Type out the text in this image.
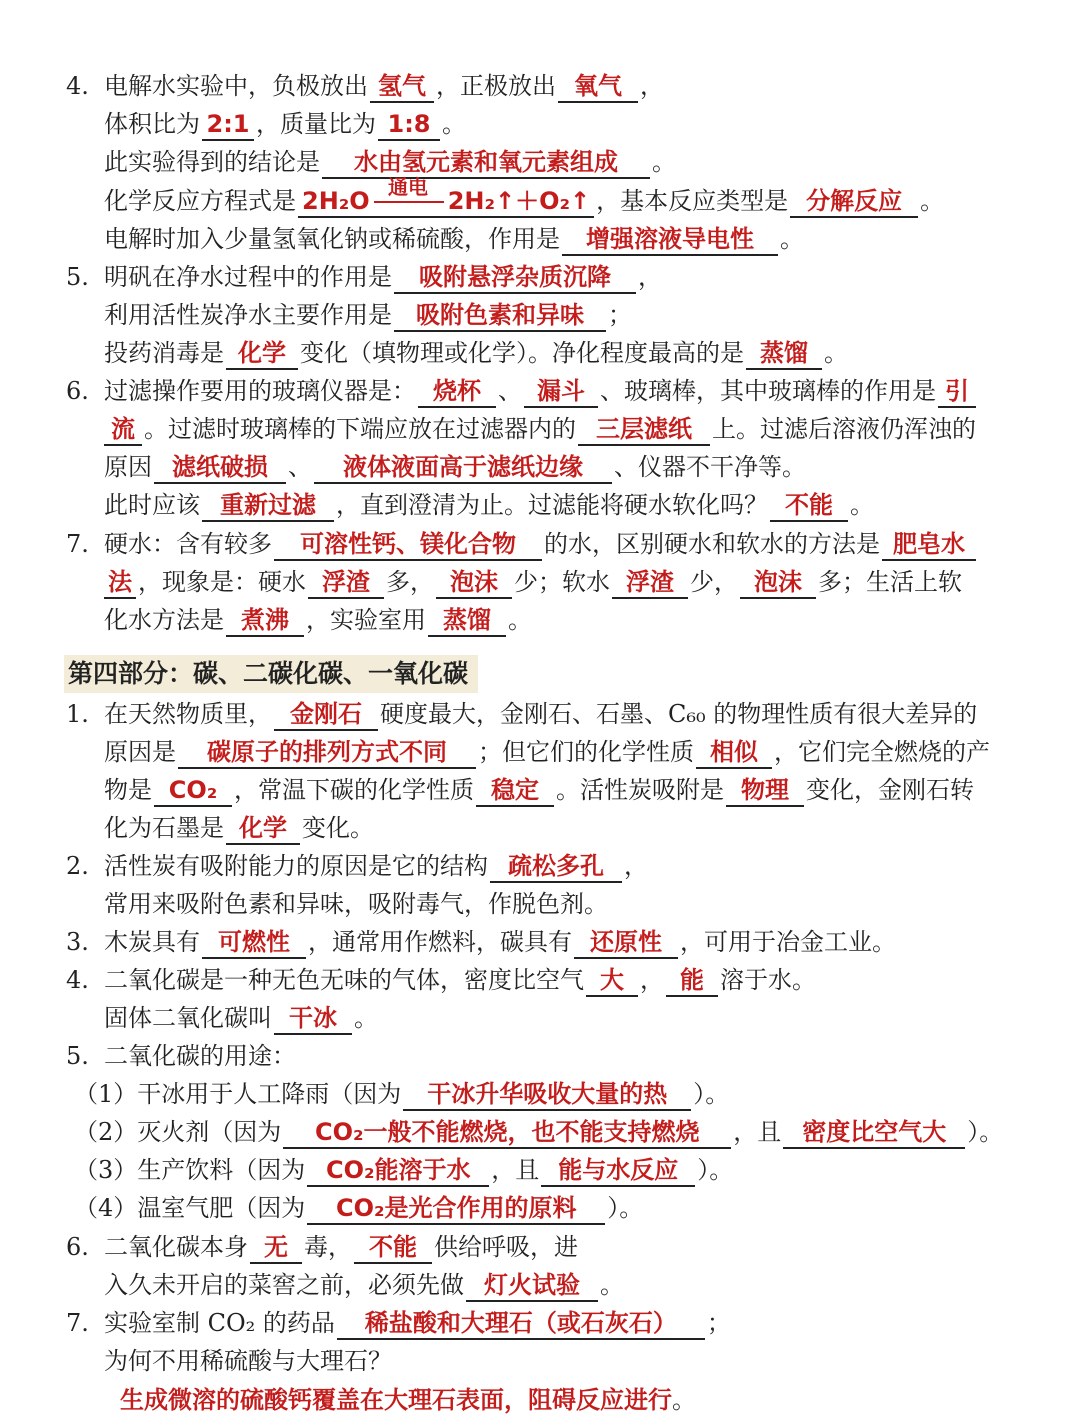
4. 电解水实验中，负极放出 氢气 ，正极放出 氧气 ，
体积比为 2:1 ，质量比为 1:8 。
此实验得到的结论是 水由氢元素和氧元素组成 。
化学反应方程式是 2H₂O 通电 2H₂↑＋O₂↑ ，基本反应类型是 分解反应 。
电解时加入少量氢氧化钠或稀硫酸，作用是 增强溶液导电性 。
5. 明矾在净水过程中的作用是 吸附悬浮杂质沉降 ，
利用活性炭净水主要作用是 吸附色素和异味 ；
投药消毒是 化学 变化（填物理或化学）。净化程度最高的是 蒸馏 。
6. 过滤操作要用的玻璃仪器是： 烧杯 、 漏斗 、玻璃棒，其中玻璃棒的作用是 引
流 。过滤时玻璃棒的下端应放在过滤器内的 三层滤纸 上。过滤后溶液仍浑浊的
原因 滤纸破损 、 液体液面高于滤纸边缘 、仪器不干净等。
此时应该 重新过滤 ，直到澄清为止。过滤能将硬水软化吗？ 不能 。
7. 硬水：含有较多 可溶性钙、镁化合物 的水，区别硬水和软水的方法是 肥皂水
法 ，现象是：硬水 浮渣 多， 泡沫 少；软水 浮渣 少， 泡沫 多；生活上软
化水方法是 煮沸 ，实验室用 蒸馏 。
第四部分：碳、二碳化碳、一氧化碳
1. 在天然物质里， 金刚石 硬度最大，金刚石、石墨、C₆₀ 的物理性质有很大差异的
原因是 碳原子的排列方式不同 ；但它们的化学性质 相似 ，它们完全燃烧的产
物是 CO₂ ，常温下碳的化学性质 稳定 。活性炭吸附是 物理 变化，金刚石转
化为石墨是 化学 变化。
2. 活性炭有吸附能力的原因是它的结构 疏松多孔 ，
常用来吸附色素和异味，吸附毒气，作脱色剂。
3. 木炭具有 可燃性 ，通常用作燃料，碳具有 还原性 ，可用于冶金工业。
4. 二氧化碳是一种无色无味的气体，密度比空气 大 ， 能 溶于水。
固体二氧化碳叫 干冰 。
5. 二氧化碳的用途：
（1）干冰用于人工降雨（因为 干冰升华吸收大量的热 ）。
（2）灭火剂（因为 CO₂一般不能燃烧，也不能支持燃烧 ，且 密度比空气大 ）。
（3）生产饮料（因为 CO₂能溶于水 ，且 能与水反应 ）。
（4）温室气肥（因为 CO₂是光合作用的原料 ）。
6. 二氧化碳本身 无 毒， 不能 供给呼吸，进
入久未开启的菜窖之前，必须先做 灯火试验 。
7. 实验室制 CO₂ 的药品 稀盐酸和大理石（或石灰石） ；
为何不用稀硫酸与大理石？
生成微溶的硫酸钙覆盖在大理石表面，阻碍反应进行。
